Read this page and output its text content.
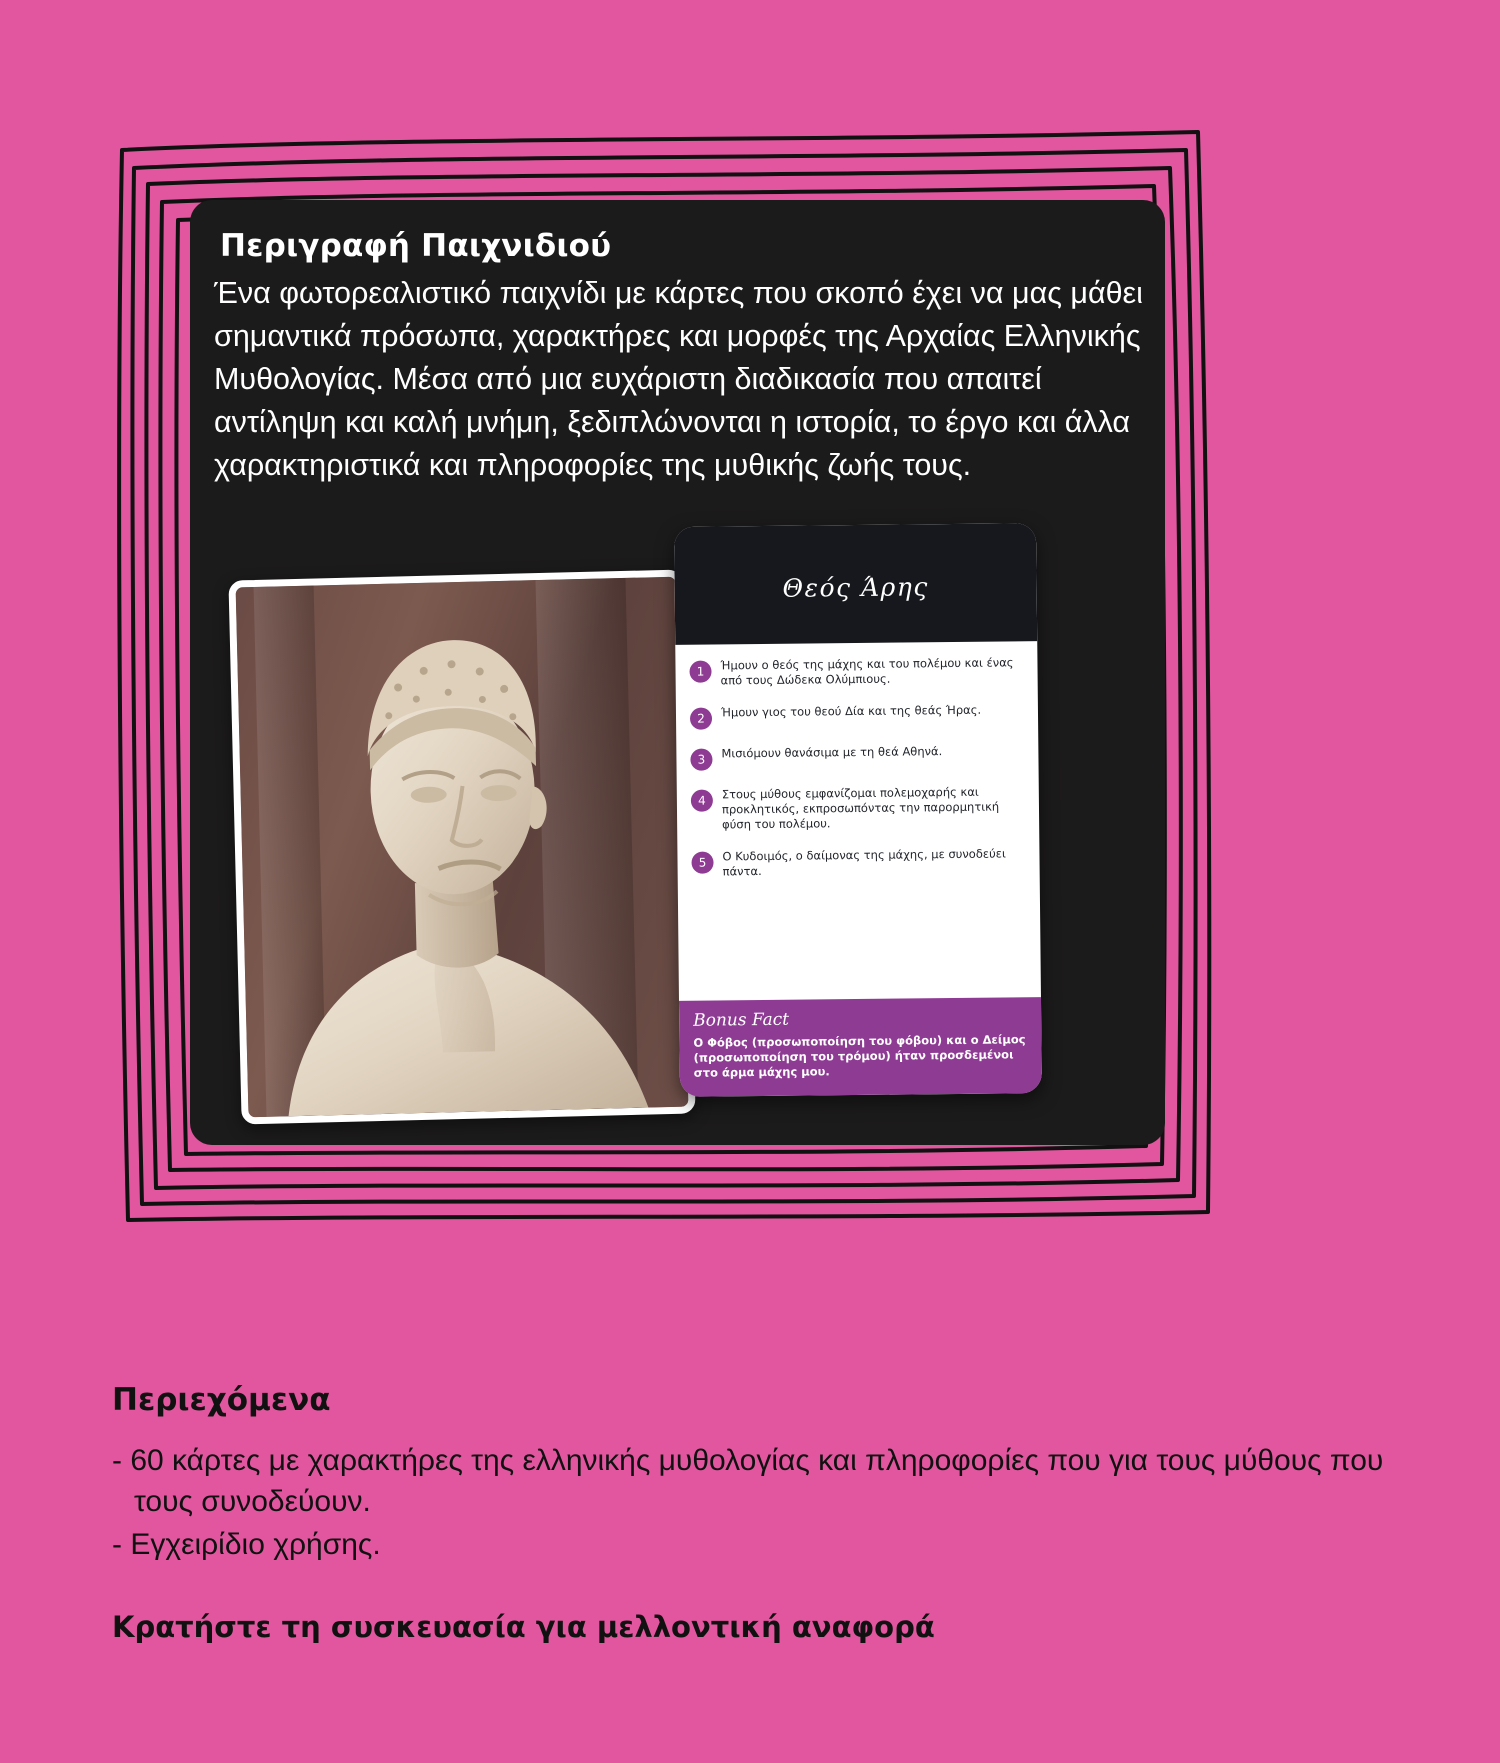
Περιγραφή Παιχνιδιού
Ένα φωτορεαλιστικό παιχνίδι με κάρτες που σκοπό έχει να μας μάθει σημαντικά πρόσωπα, χαρακτήρες και μορφές της Αρχαίας Ελληνικής Μυθολογίας. Μέσα από μια ευχάριστη διαδικασία που απαιτεί αντίληψη και καλή μνήμη, ξεδιπλώνονται η ιστορία, το έργο και άλλα χαρακτηριστικά και πληροφορίες της μυθικής ζωής τους.
Θεός Άρης
1	Ήμουν ο θεός της μάχης και του πολέμου και ένας από τους Δώδεκα Ολύμπιους.
2	Ήμουν γιος του θεού Δία και της θεάς Ήρας.
3	Μισιόμουν θανάσιμα με τη θεά Αθηνά.
4	Στους μύθους εμφανίζομαι πολεμοχαρής και προκλητικός, εκπροσωπόντας την παρορμητική φύση του πολέμου.
5	Ο Κυδοιμός, ο δαίμονας της μάχης, με συνοδεύει πάντα.
Bonus Fact
Ο Φόβος (προσωποποίηση του φόβου) και ο Δείμος (προσωποποίηση του τρόμου) ήταν προσδεμένοι στο άρμα μάχης μου.
Περιεχόμενα
- 60 κάρτες με χαρακτήρες της ελληνικής μυθολογίας και πληροφορίες που για τους μύθους που τους συνοδεύουν.
- Εγχειρίδιο χρήσης.
Κρατήστε τη συσκευασία για μελλοντική αναφορά
